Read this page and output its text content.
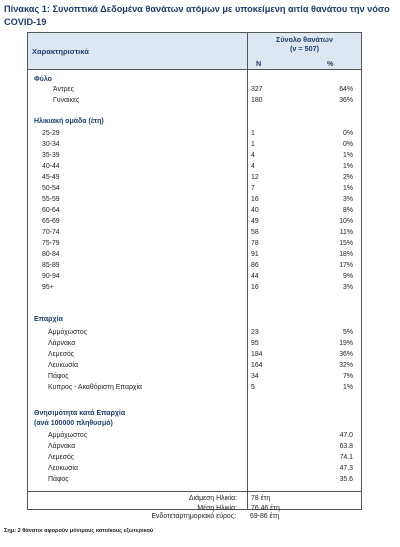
Πίνακας 1: Συνοπτικά Δεδομένα θανάτων ατόμων με υποκείμενη αιτία θανάτου την νόσο COVID-19
Χαρακτηριστικά
Σύνολο θανάτων
(ν = 507)
N	%
Φύλο
Άντρες	327	64%
Γυναίκες	180	36%
Ηλικιακή ομάδα (έτη)
25-29	1	0%
30-34	1	0%
35-39	4	1%
40-44	4	1%
45-49	12	2%
50-54	7	1%
55-59	16	3%
60-64	40	8%
65-69	49	10%
70-74	58	11%
75-79	78	15%
80-84	91	18%
85-89	86	17%
90-94	44	9%
95+	16	3%
Επαρχία
Αμμόχωστος	23	5%
Λάρνακα	95	19%
Λεμεσός	184	36%
Λευκωσία	164	32%
Πάφος	34	7%
Κυπρος - Ακαθόριστη Επαρχία	5	1%
Θνησιμότητα κατά Επαρχία
(ανά 100000 πληθυσμό)
Αμμόχωστος	47.0
Λάρνακα	63.8
Λεμεσός	74.1
Λευκωσία	47.3
Πάφος	35.6
Διάμεση Ηλικία: 78 έτη
Μέση Ηλικία: 76.46 έτη
Ενδοτεταρτημοριακό εύρος: 69-86 έτη
Σημ: 2 θάνατοι αφορούν μόνιμους κατοίκους εξωτερικού
